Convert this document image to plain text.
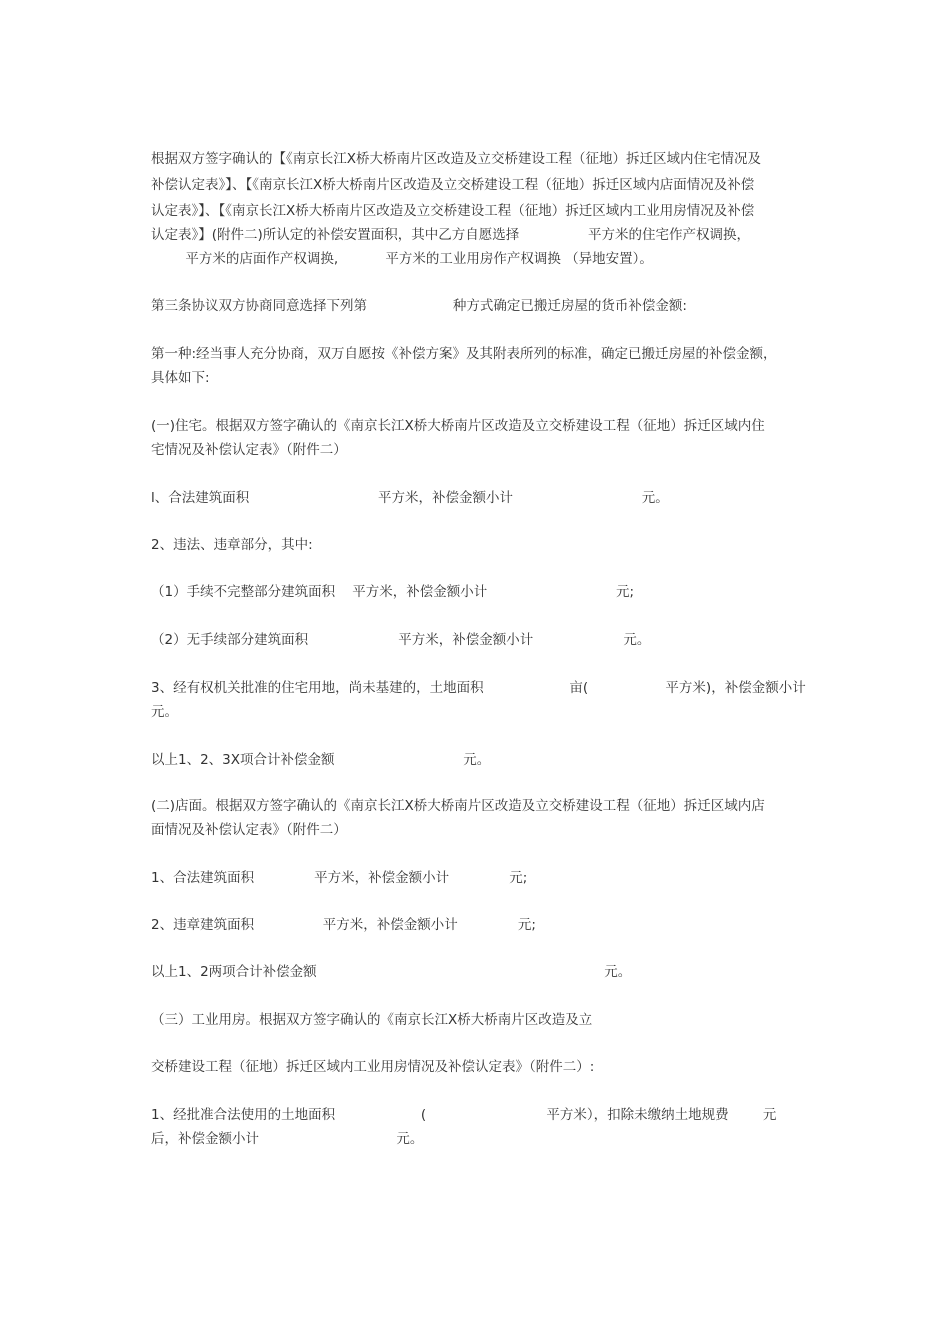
根据双方签字确认的【《南京长江X桥大桥南片区改造及立交桥建设工程（征地）拆迁区域内住宅情况及

补偿认定表》】、【《南京长江X桥大桥南片区改造及立交桥建设工程（征地）拆迁区域内店面情况及补偿

认定表》】、【《南京长江X桥大桥南片区改造及立交桥建设工程（征地）拆迁区域内工业用房情况及补偿

认定表》】(附件二)所认定的补偿安置面积，其中乙方自愿选择                平方米的住宅作产权调换，

平方米的店面作产权调换,           平方米的工业用房作产权调换 （异地安置）。

第三条协议双方协商同意选择下列第                    种方式确定已搬迁房屋的货币补偿金额:

第一种:经当事人充分协商，双万自愿按《补偿方案》及其附表所列的标准，确定已搬迁房屋的补偿金额，

具体如下:

(一)住宅。根据双方签字确认的《南京长江X桥大桥南片区改造及立交桥建设工程（征地）拆迁区域内住

宅情况及补偿认定表》（附件二）

l、合法建筑面积                              平方米，补偿金额小计                              元。

2、违法、违章部分，其中:

（1）手续不完整部分建筑面积    平方米，补偿金额小计                              元;

（2）无手续部分建筑面积                     平方米，补偿金额小计                     元。

3、经有权机关批准的住宅用地，尚未基建的，土地面积                    亩(                  平方米)，补偿金额小计

元。

以上1、2、3X项合计补偿金额                              元。

(二)店面。根据双方签字确认的《南京长江X桥大桥南片区改造及立交桥建设工程（征地）拆迁区域内店

面情况及补偿认定表》（附件二）

1、合法建筑面积              平方米，补偿金额小计              元;

2、违章建筑面积                平方米，补偿金额小计              元;

以上1、2两项合计补偿金额                                                                   元。

（三）工业用房。根据双方签字确认的《南京长江X桥大桥南片区改造及立

交桥建设工程（征地）拆迁区域内工业用房情况及补偿认定表》（附件二）:

1、经批准合法使用的土地面积                    (                            平方米），扣除未缴纳土地规费        元

后，补偿金额小计                                元。
